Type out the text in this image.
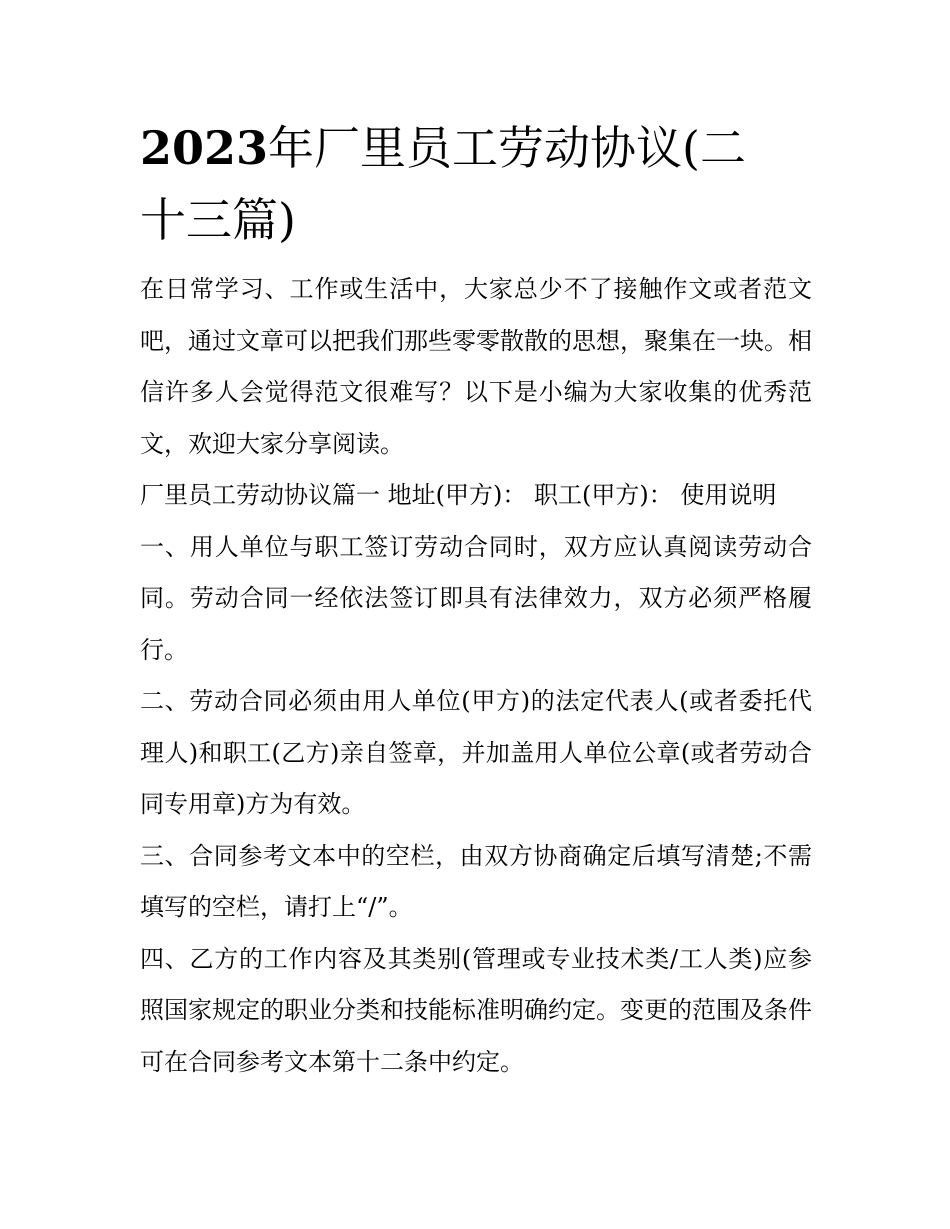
2023年厂里员工劳动协议(二十三篇)

在日常学习、工作或生活中，大家总少不了接触作文或者范文吧，通过文章可以把我们那些零零散散的思想，聚集在一块。相信许多人会觉得范文很难写？以下是小编为大家收集的优秀范文，欢迎大家分享阅读。

厂里员工劳动协议篇一 地址(甲方)： 职工(甲方)： 使用说明

一、用人单位与职工签订劳动合同时，双方应认真阅读劳动合同。劳动合同一经依法签订即具有法律效力，双方必须严格履行。

二、劳动合同必须由用人单位(甲方)的法定代表人(或者委托代理人)和职工(乙方)亲自签章，并加盖用人单位公章(或者劳动合同专用章)方为有效。

三、合同参考文本中的空栏，由双方协商确定后填写清楚;不需填写的空栏，请打上“/”。

四、乙方的工作内容及其类别(管理或专业技术类/工人类)应参照国家规定的职业分类和技能标准明确约定。变更的范围及条件可在合同参考文本第十二条中约定。
